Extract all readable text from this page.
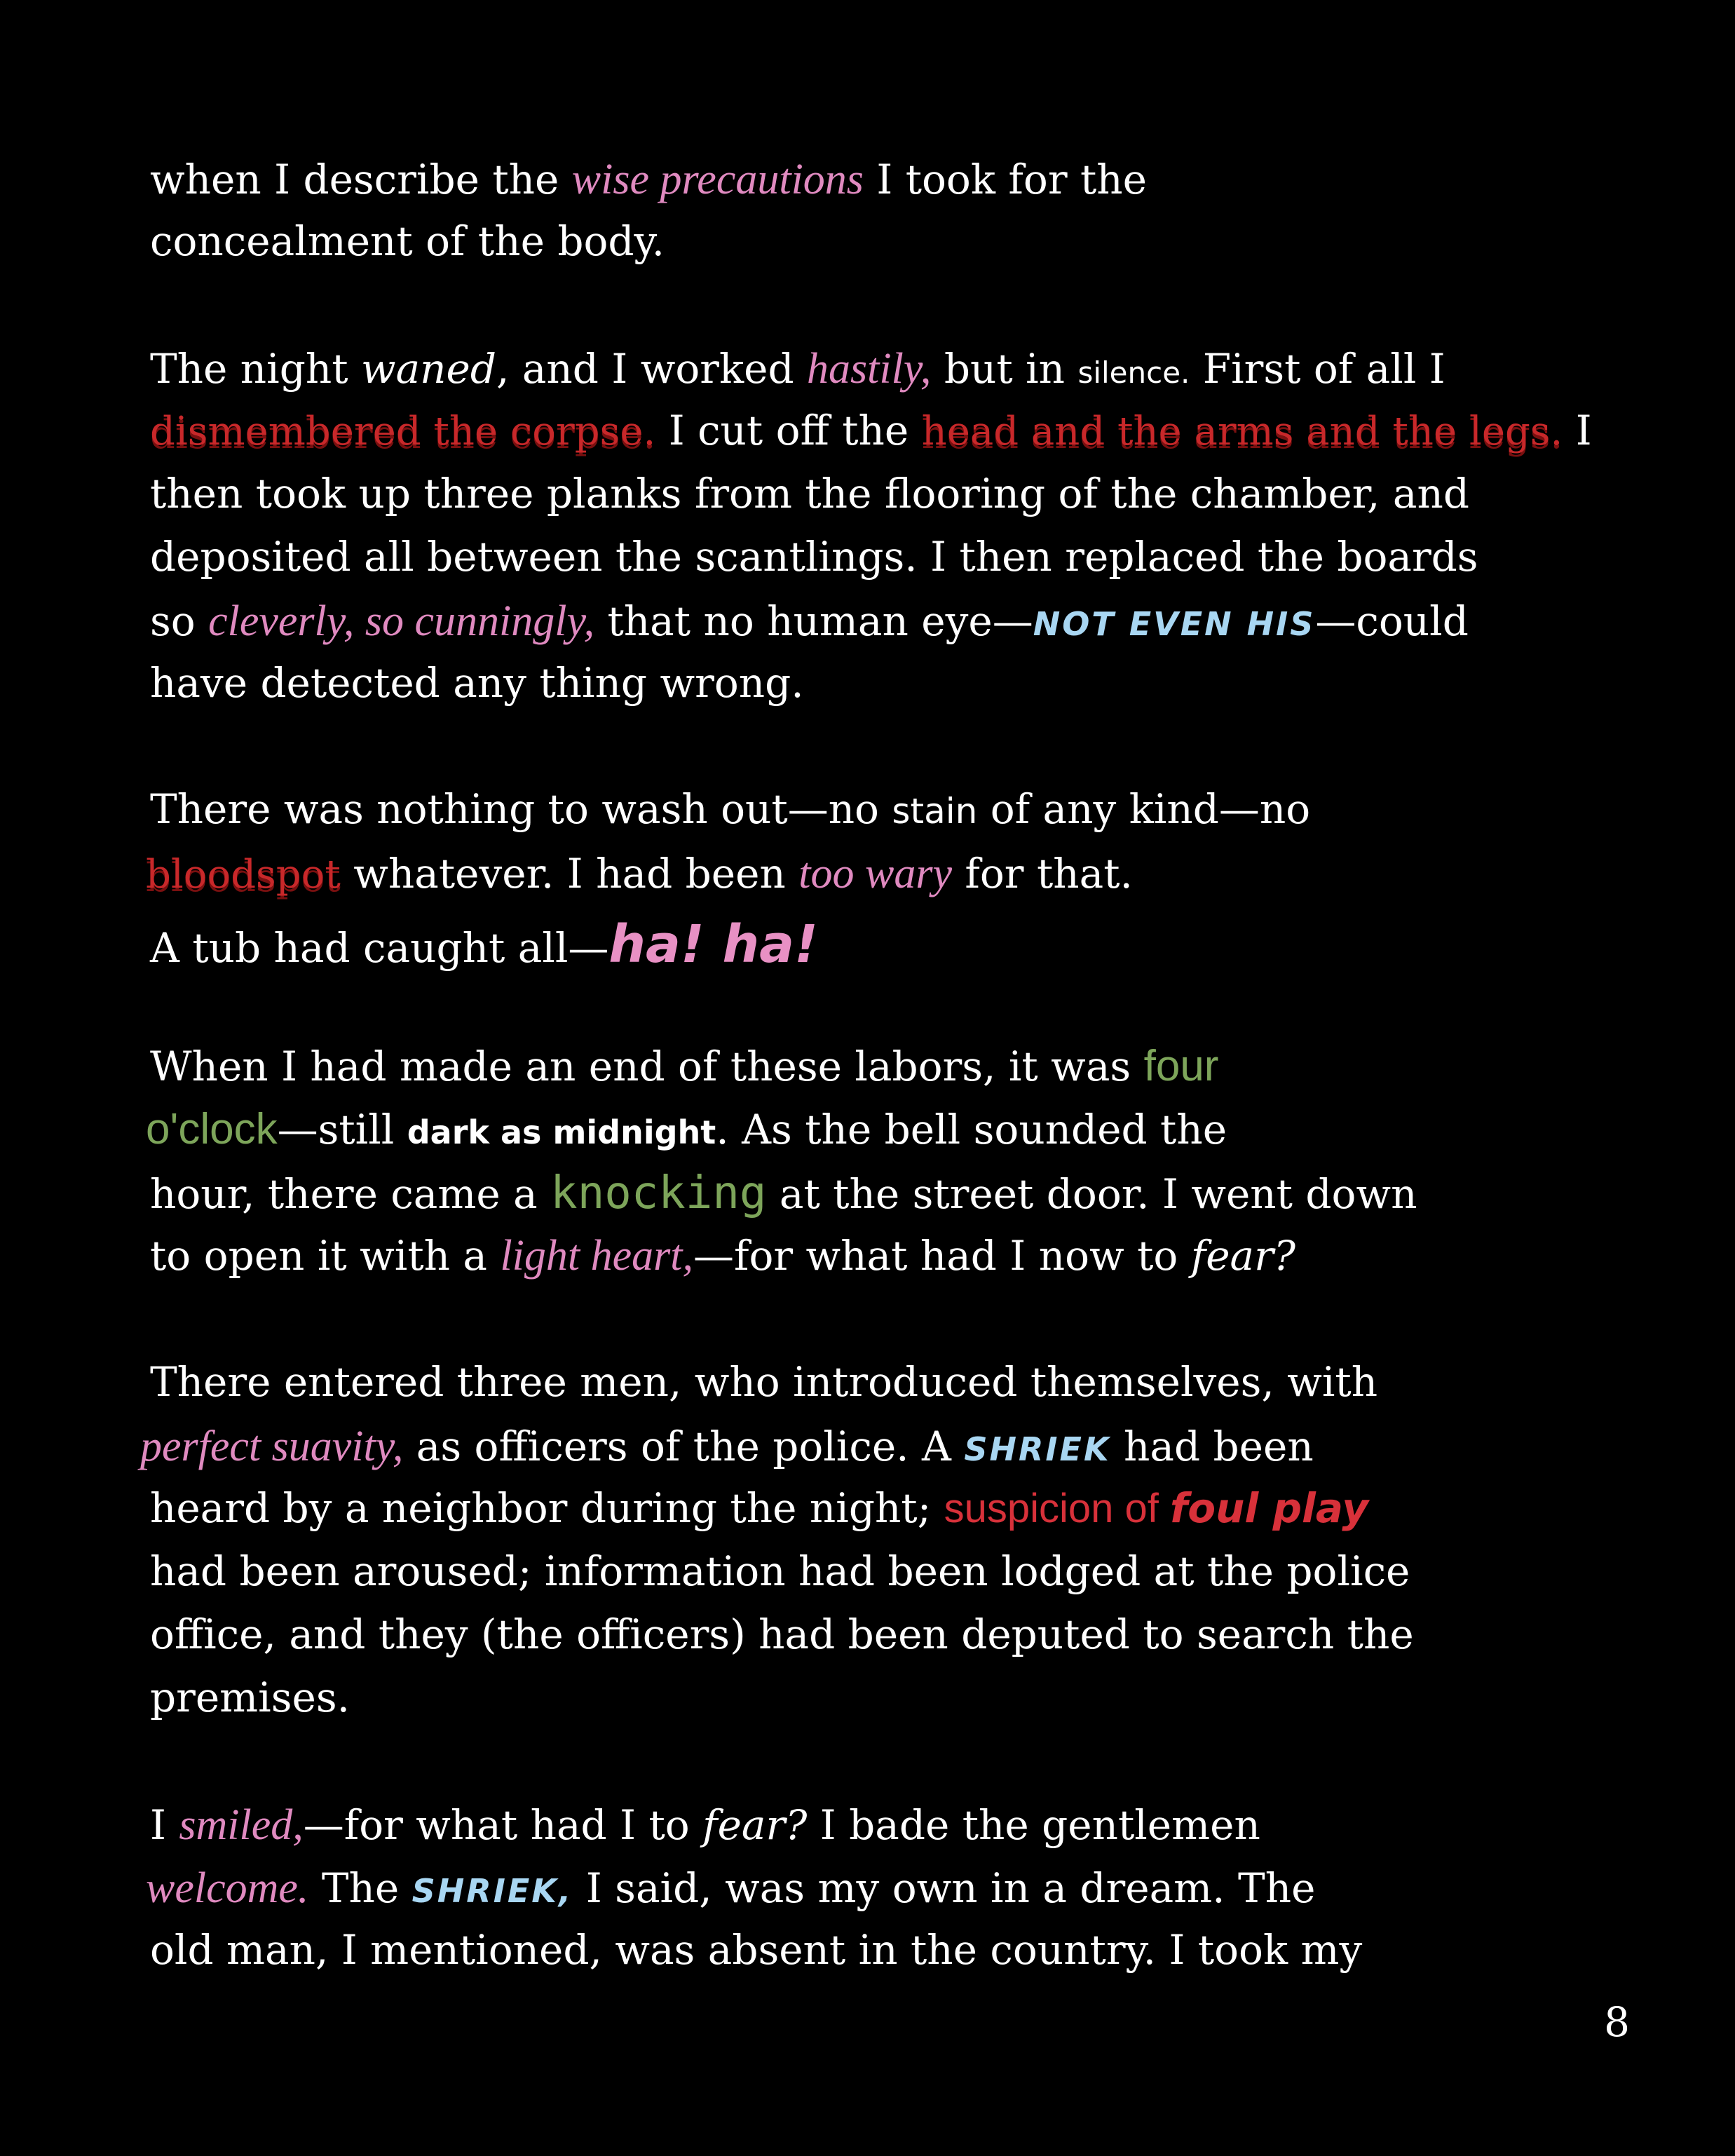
when I describe the wise precautions I took for the
concealment of the body.
The night waned, and I worked hastily, but in silence. First of all I
dismembered the corpse. I cut off the head and the arms and the legs. I
then took up three planks from the flooring of the chamber, and
deposited all between the scantlings. I then replaced the boards
so cleverly, so cunningly, that no human eye—NOT EVEN HIS—could
have detected any thing wrong.
There was nothing to wash out—no stain of any kind—no
bloodspot whatever. I had been too wary for that.
A tub had caught all—ha! ha!
When I had made an end of these labors, it was four
o'clock—still dark as midnight. As the bell sounded the
hour, there came a knocking at the street door. I went down
to open it with a light heart,—for what had I now to fear?
There entered three men, who introduced themselves, with
perfect suavity, as officers of the police. A SHRIEK had been
heard by a neighbor during the night; suspicion of foul play
had been aroused; information had been lodged at the police
office, and they (the officers) had been deputed to search the
premises.
I smiled,—for what had I to fear? I bade the gentlemen
welcome. The SHRIEK, I said, was my own in a dream. The
old man, I mentioned, was absent in the country. I took my
8
